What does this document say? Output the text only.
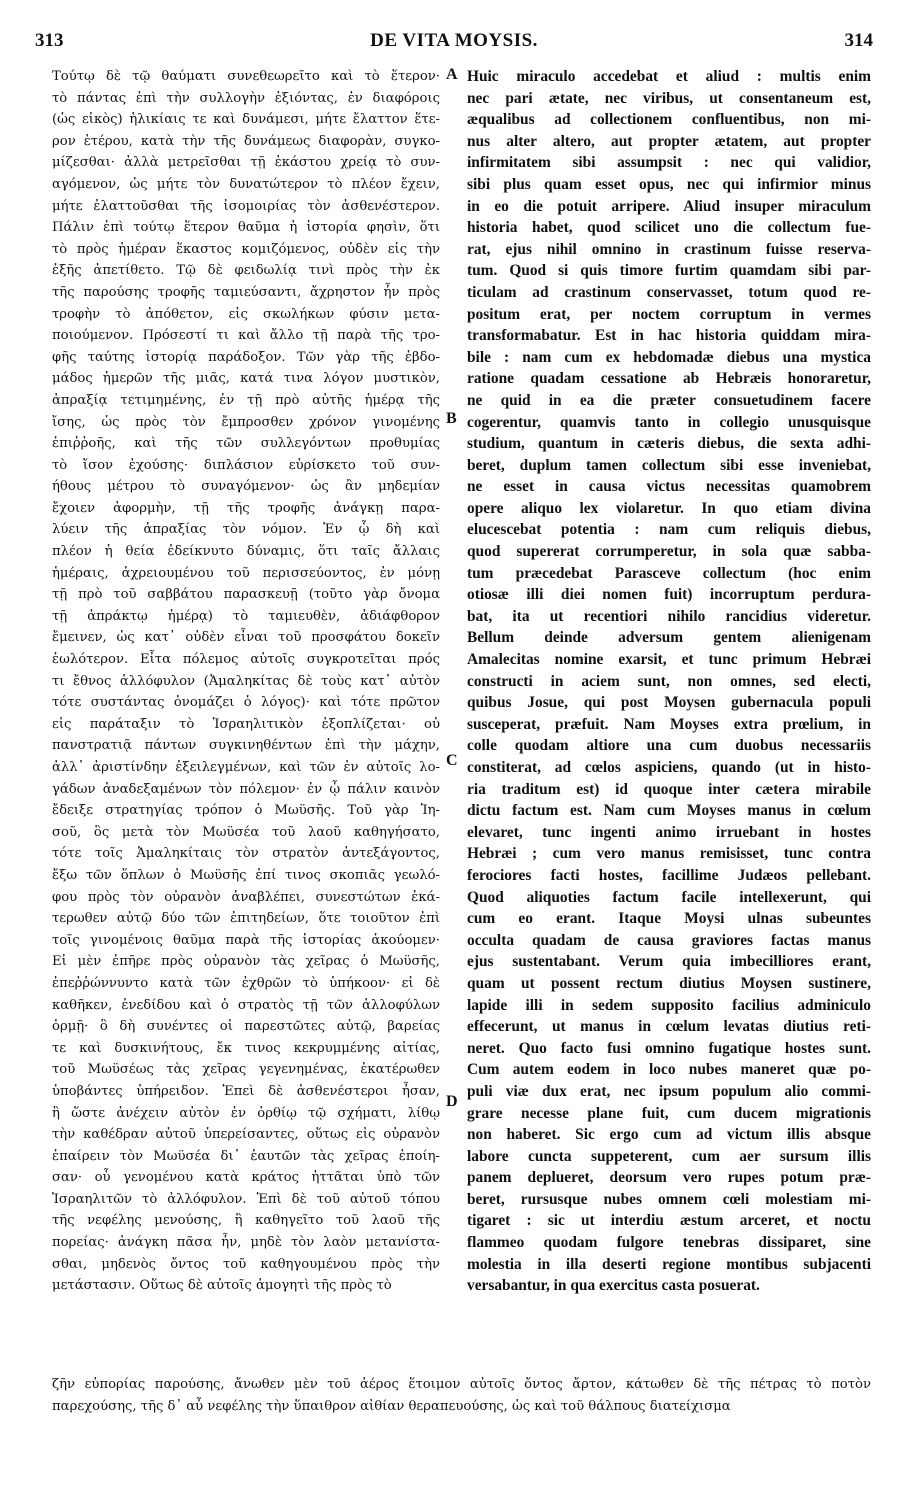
313	DE VITA MOYSIS.	314
Τούτῳ δὲ τῷ θαύματι συνεθεωρεῖτο καὶ τὸ ἕτερον·
τὸ πάντας ἐπὶ τὴν συλλογὴν ἐξιόντας, ἐν διαφόροις
(ὡς εἰκὸς) ἡλικίαις τε καὶ δυνάμεσι, μήτε ἔλαττον ἕτε-
ρον ἑτέρου, κατὰ τὴν τῆς δυνάμεως διαφορὰν, συγκο-
μίζεσθαι· ἀλλὰ μετρεῖσθαι τῇ ἑκάστου χρείᾳ τὸ συν-
αγόμενον, ὡς μήτε τὸν δυνατώτερον τὸ πλέον ἔχειν,
μήτε ἐλαττοῦσθαι τῆς ἰσομοιρίας τὸν ἀσθενέστερον.
Πάλιν ἐπὶ τούτῳ ἕτερον θαῦμα ἡ ἱστορία φησὶν, ὅτι
τὸ πρὸς ἡμέραν ἕκαστος κομιζόμενος, οὐδὲν εἰς τὴν
ἑξῆς ἀπετίθετο. Τῷ δὲ φειδωλίᾳ τινὶ πρὸς τὴν ἐκ
τῆς παρούσης τροφῆς ταμιεύσαντι, ἄχρηστον ἦν πρὸς
τροφὴν τὸ ἀπόθετον, εἰς σκωλήκων φύσιν μετα-
ποιούμενον. Πρόσεστί τι καὶ ἄλλο τῇ παρὰ τῆς τρο-
φῆς ταύτης ἱστορίᾳ παράδοξον. Τῶν γὰρ τῆς ἑβδο-
μάδος ἡμερῶν τῆς μιᾶς, κατά τινα λόγον μυστικὸν,
ἀπραξίᾳ τετιμημένης, ἐν τῇ πρὸ αὐτῆς ἡμέρᾳ τῆς
ἴσης, ὡς πρὸς τὸν ἔμπροσθεν χρόνον γινομένης
ἐπιῤῥοῆς, καὶ τῆς τῶν συλλεγόντων προθυμίας
τὸ ἴσον ἐχούσης· διπλάσιον εὑρίσκετο τοῦ συν-
ήθους μέτρου τὸ συναγόμενον· ὡς ἂν μηδεμίαν
ἔχοιεν ἀφορμὴν, τῇ τῆς τροφῆς ἀνάγκῃ παρα-
λύειν τῆς ἀπραξίας τὸν νόμον. Ἐν ᾧ δὴ καὶ
πλέον ἡ θεία ἐδείκνυτο δύναμις, ὅτι ταῖς ἄλλαις
ἡμέραις, ἀχρειουμένου τοῦ περισσεύοντος, ἐν μόνῃ
τῇ πρὸ τοῦ σαββάτου παρασκευῇ (τοῦτο γὰρ ὄνομα
τῇ ἀπράκτῳ ἡμέρᾳ) τὸ ταμιευθὲν, ἀδιάφθορον
ἔμεινεν, ὡς κατ᾽ οὐδὲν εἶναι τοῦ προσφάτου δοκεῖν
ἑωλότερον. Εἶτα πόλεμος αὐτοῖς συγκροτεῖται πρός
τι ἔθνος ἀλλόφυλον (Ἀμαληκίτας δὲ τοὺς κατ᾽ αὐτὸν
τότε συστάντας ὀνομάζει ὁ λόγος)· καὶ τότε πρῶτον
εἰς παράταξιν τὸ Ἰσραηλιτικὸν ἐξοπλίζεται· οὐ
πανστρατιᾷ πάντων συγκινηθέντων ἐπὶ τὴν μάχην,
ἀλλ᾽ ἀριστίνδην ἐξειλεγμένων, καὶ τῶν ἐν αὐτοῖς λο-
γάδων ἀναδεξαμένων τὸν πόλεμον· ἐν ᾧ πάλιν καινὸν
ἔδειξε στρατηγίας τρόπον ὁ Μωϋσῆς. Τοῦ γὰρ Ἰη-
σοῦ, ὃς μετὰ τὸν Μωϋσέα τοῦ λαοῦ καθηγήσατο,
τότε τοῖς Ἀμαληκίταις τὸν στρατὸν ἀντεξάγοντος,
ἔξω τῶν ὅπλων ὁ Μωϋσῆς ἐπί τινος σκοπιᾶς γεωλό-
φου πρὸς τὸν οὐρανὸν ἀναβλέπει, συνεστώτων ἑκά-
τερωθεν αὐτῷ δύο τῶν ἐπιτηδείων, ὅτε τοιοῦτον ἐπὶ
τοῖς γινομένοις θαῦμα παρὰ τῆς ἱστορίας ἀκούομεν·
Εἰ μὲν ἐπῆρε πρὸς οὐρανὸν τὰς χεῖρας ὁ Μωϋσῆς,
ἐπεῤῥώννυντο κατὰ τῶν ἐχθρῶν τὸ ὑπήκοον· εἰ δὲ
καθῆκεν, ἐνεδίδου καὶ ὁ στρατὸς τῇ τῶν ἀλλοφύλων
ὁρμῇ· ὃ δὴ συνέντες οἱ παρεστῶτες αὐτῷ, βαρείας
τε καὶ δυσκινήτους, ἔκ τινος κεκρυμμένης αἰτίας,
τοῦ Μωϋσέως τὰς χεῖρας γεγενημένας, ἑκατέρωθεν
ὑποβάντες ὑπήρειδον. Ἐπεὶ δὲ ἀσθενέστεροι ἦσαν,
ἢ ὥστε ἀνέχειν αὐτὸν ἐν ὀρθίῳ τῷ σχήματι, λίθῳ
τὴν καθέδραν αὐτοῦ ὑπερείσαντες, οὕτως εἰς οὐρανὸν
ἐπαίρειν τὸν Μωϋσέα δι᾽ ἑαυτῶν τὰς χεῖρας ἐποίη-
σαν· οὗ γενομένου κατὰ κράτος ἡττᾶται ὑπὸ τῶν
Ἰσραηλιτῶν τὸ ἀλλόφυλον. Ἐπὶ δὲ τοῦ αὐτοῦ τόπου
τῆς νεφέλης μενούσης, ἣ καθηγεῖτο τοῦ λαοῦ τῆς
πορείας· ἀνάγκη πᾶσα ἦν, μηδὲ τὸν λαὸν μετανίστα-
σθαι, μηδενὸς ὄντος τοῦ καθηγουμένου πρὸς τὴν
μετάστασιν. Οὕτως δὲ αὐτοῖς ἀμογητὶ τῆς πρὸς τὸ
Huic miraculo accedebat et aliud : multis enim
nec pari ætate, nec viribus, ut consentaneum est,
æqualibus ad collectionem confluentibus, non mi-
nus alter altero, aut propter ætatem, aut propter
infirmitatem sibi assumpsit : nec qui validior,
sibi plus quam esset opus, nec qui infirmior minus
in eo die potuit arripere. Aliud insuper miraculum
historia habet, quod scilicet uno die collectum fue-
rat, ejus nihil omnino in crastinum fuisse reserva-
tum. Quod si quis timore furtim quamdam sibi par-
ticulam ad crastinum conservasset, totum quod re-
positum erat, per noctem corruptum in vermes
transformabatur. Est in hac historia quiddam mira-
bile : nam cum ex hebdomadæ diebus una mystica
ratione quadam cessatione ab Hebræis honoraretur,
ne quid in ea die præter consuetudinem facere
cogerentur, quamvis tanto in collegio unusquisque
studium, quantum in cæteris diebus, die sexta adhi-
beret, duplum tamen collectum sibi esse inveniebat,
ne esset in causa victus necessitas quamobrem
opere aliquo lex violaretur. In quo etiam divina
elucescebat potentia : nam cum reliquis diebus,
quod supererat corrumperetur, in sola quæ sabba-
tum præcedebat Parasceve collectum (hoc enim
otiosæ illi diei nomen fuit) incorruptum perdura-
bat, ita ut recentiori nihilo rancidius videretur.
Bellum deinde adversum gentem alienigenam
Amalecitas nomine exarsit, et tunc primum Hebræi
constructi in aciem sunt, non omnes, sed electi,
quibus Josue, qui post Moysen gubernacula populi
susceperat, præfuit. Nam Moyses extra prœlium, in
colle quodam altiore una cum duobus necessariis
constiterat, ad cœlos aspiciens, quando (ut in histo-
ria traditum est) id quoque inter cætera mirabile
dictu factum est. Nam cum Moyses manus in cœlum
elevaret, tunc ingenti animo irruebant in hostes
Hebræi ; cum vero manus remisisset, tunc contra
ferociores facti hostes, facillime Judæos pellebant.
Quod aliquoties factum facile intellexerunt, qui
cum eo erant. Itaque Moysi ulnas subeuntes
occulta quadam de causa graviores factas manus
ejus sustentabant. Verum quia imbecilliores erant,
quam ut possent rectum diutius Moysen sustinere,
lapide illi in sedem supposito facilius adminiculo
effecerunt, ut manus in cœlum levatas diutius reti-
neret. Quo facto fusi omnino fugatique hostes sunt.
Cum autem eodem in loco nubes maneret quæ po-
puli viæ dux erat, nec ipsum populum alio commi-
grare necesse plane fuit, cum ducem migrationis
non haberet. Sic ergo cum ad victum illis absque
labore cuncta suppeterent, cum aer sursum illis
panem deplueret, deorsum vero rupes potum præ-
beret, rursusque nubes omnem cœli molestiam mi-
tigaret : sic ut interdiu æstum arceret, et noctu
flammeo quodam fulgore tenebras dissiparet, sine
molestia in illa deserti regione montibus subjacenti
versabantur, in qua exercitus casta posuerat.
A
B
C
D
ζῆν εὐπορίας παρούσης, ἄνωθεν μὲν τοῦ ἀέρος ἕτοιμον αὐτοῖς ὄντος ἄρτον, κάτωθεν δὲ τῆς πέτρας τὸ ποτὸν
παρεχούσης, τῆς δ᾽ αὖ νεφέλης τὴν ὕπαιθρον αἰθίαν θεραπευούσης, ὡς καὶ τοῦ θάλπους διατείχισμα
